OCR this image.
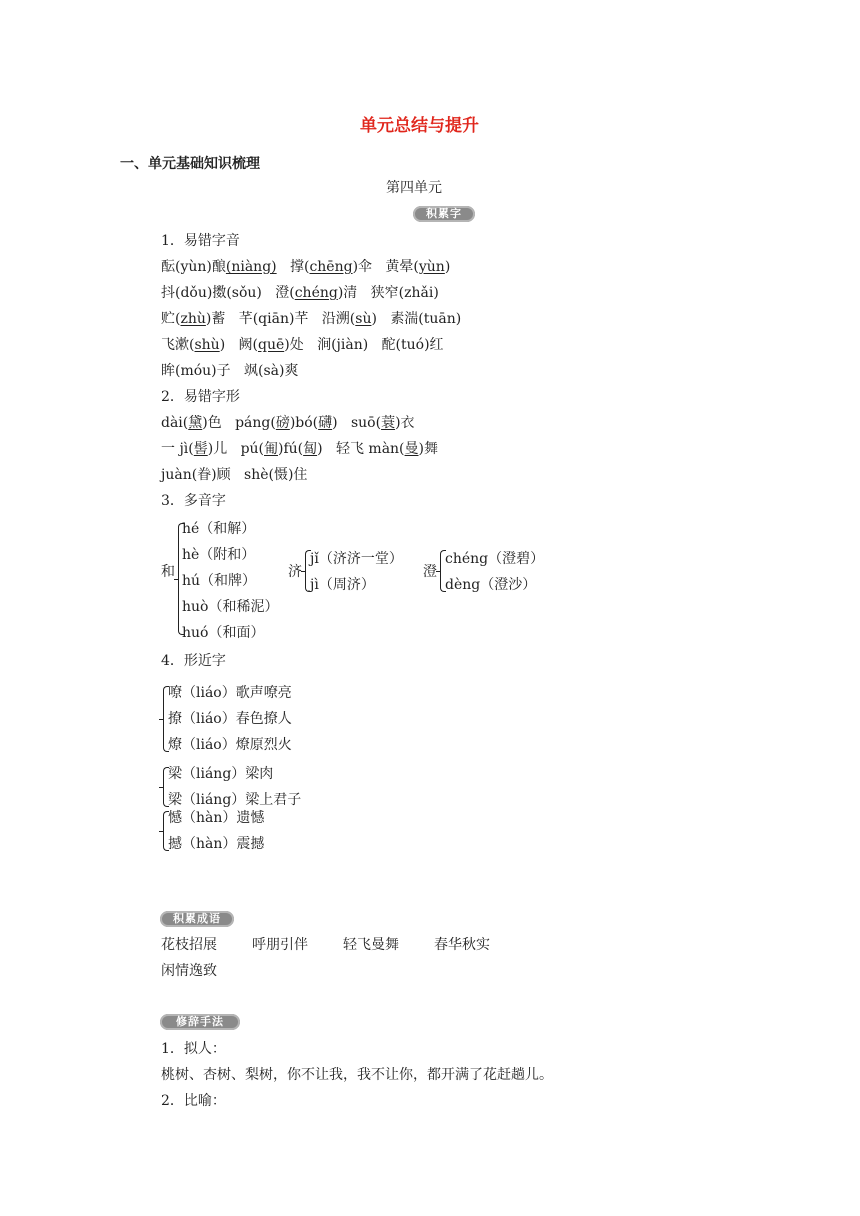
单元总结与提升
一、单元基础知识梳理
第四单元
积累字
1．易错字音
酝(yùn)酿(niàng) 撑(chēng)伞 黄晕(yùn)
抖(dǒu)擞(sǒu) 澄(chéng)清 狭窄(zhǎi)
贮(zhù)蓄 芊(qiān)芊 沿溯(sù) 素湍(tuān)
飞漱(shù) 阙(quē)处 涧(jiàn) 酡(tuó)红
眸(móu)子 飒(sà)爽
2．易错字形
dài(黛)色 páng(磅)bó(礴) suō(蓑)衣
一 jì(髻)儿 pú(匍)fú(匐) 轻飞 màn(曼)舞
juàn(眷)顾 shè(慑)住
3．多音字
和
hé（和解）
hè（附和）
hú（和牌）
huò（和稀泥）
huó（和面）
济
jǐ（济济一堂）
jì（周济）
澄
chéng（澄碧）
dèng（澄沙）
4．形近字
嘹（liáo）歌声嘹亮
撩（liáo）春色撩人
燎（liáo）燎原烈火
梁（liáng）梁肉
梁（liáng）梁上君子
憾（hàn）遗憾
撼（hàn）震撼
积累成语
花枝招展	呼朋引伴	轻飞曼舞	春华秋实
闲情逸致
修辞手法
1．拟人：
桃树、杏树、梨树，你不让我，我不让你，都开满了花赶趟儿。
2．比喻：
